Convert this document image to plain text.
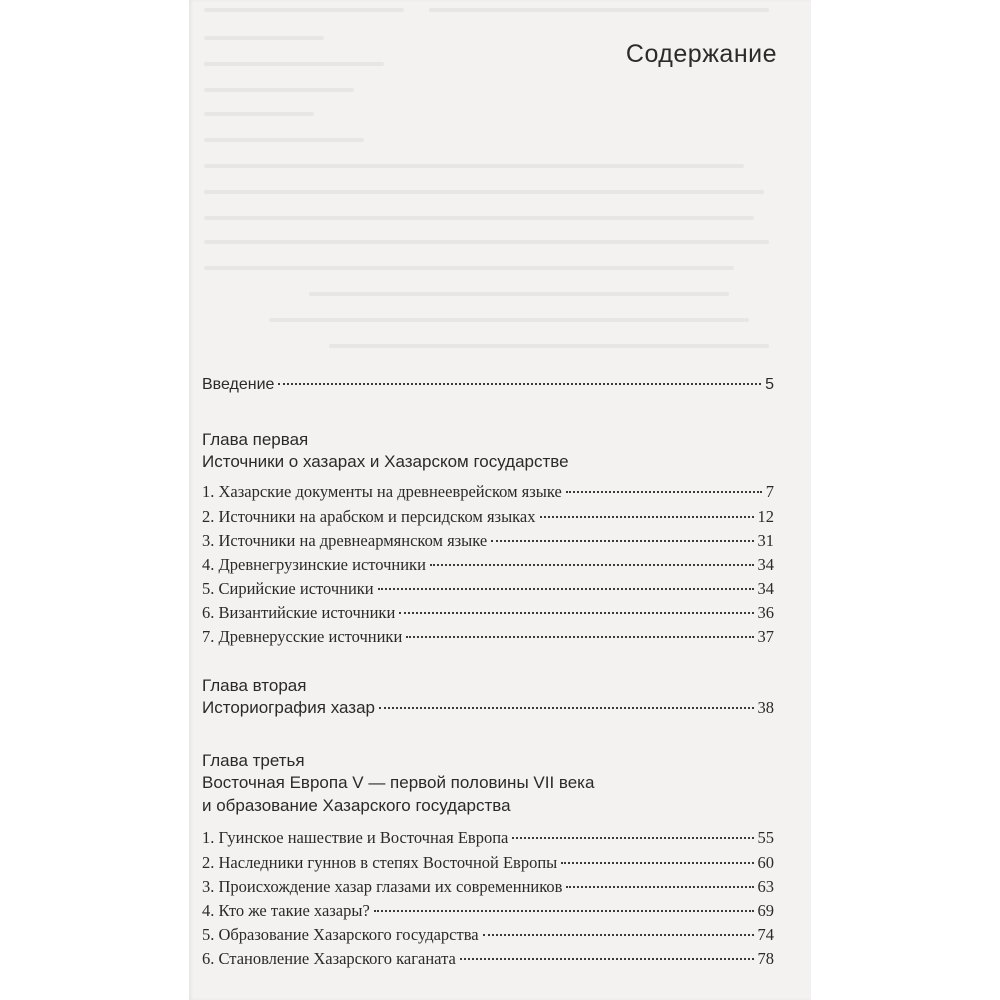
Содержание
Введение	5
Глава первая
Источники о хазарах и Хазарском государстве
1. Хазарские документы на древнееврейском языке	7
2. Источники на арабском и персидском языках	12
3. Источники на древнеармянском языке	31
4. Древнегрузинские источники	34
5. Сирийские источники	34
6. Византийские источники	36
7. Древнерусские источники	37
Глава вторая
Историография хазар	38
Глава третья
Восточная Европа V — первой половины VII века
и образование Хазарского государства
1. Гуинское нашествие и Восточная Европа	55
2. Наследники гуннов в степях Восточной Европы	60
3. Происхождение хазар глазами их современников	63
4. Кто же такие хазары?	69
5. Образование Хазарского государства	74
6. Становление Хазарского каганата	78
